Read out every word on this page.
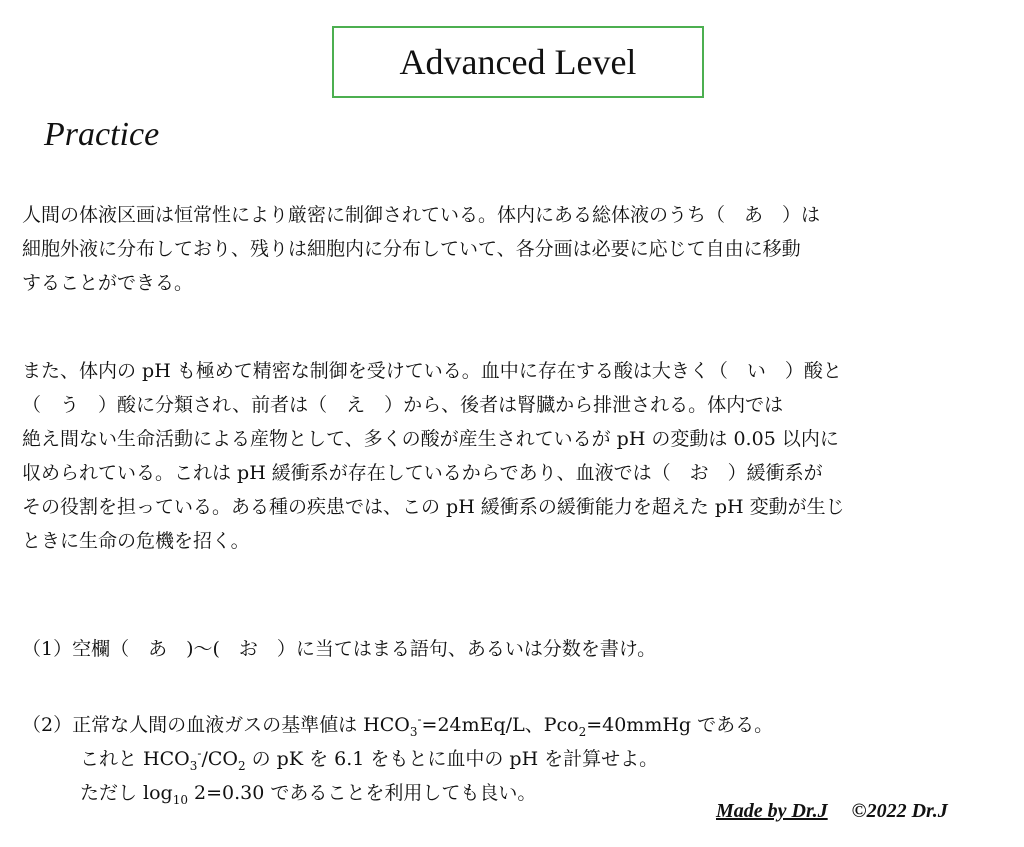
Advanced Level
Practice
人間の体液区画は恒常性により厳密に制御されている。体内にある総体液のうち（　あ　）は
細胞外液に分布しており、残りは細胞内に分布していて、各分画は必要に応じて自由に移動
することができる。
また、体内の pH も極めて精密な制御を受けている。血中に存在する酸は大きく（　い　）酸と
（　う　）酸に分類され、前者は（　え　）から、後者は腎臓から排泄される。体内では
絶え間ない生命活動による産物として、多くの酸が産生されているが pH の変動は 0.05 以内に
収められている。これは pH 緩衝系が存在しているからであり、血液では（　お　）緩衝系が
その役割を担っている。ある種の疾患では、この pH 緩衝系の緩衝能力を超えた pH 変動が生じ
ときに生命の危機を招く。
（1）空欄（　あ　)～(　お　）に当てはまる語句、あるいは分数を書け。
（2）正常な人間の血液ガスの基準値は $HCO_3^-=24mEq/L$、Pco$_2$=40mmHg である。
これと $HCO_3^-/CO_2$ の pK を 6.1 をもとに血中の pH を計算せよ。
ただし $\log_{10} 2=0.30$ であることを利用しても良い。
Made by Dr.J ©2022 Dr.J
